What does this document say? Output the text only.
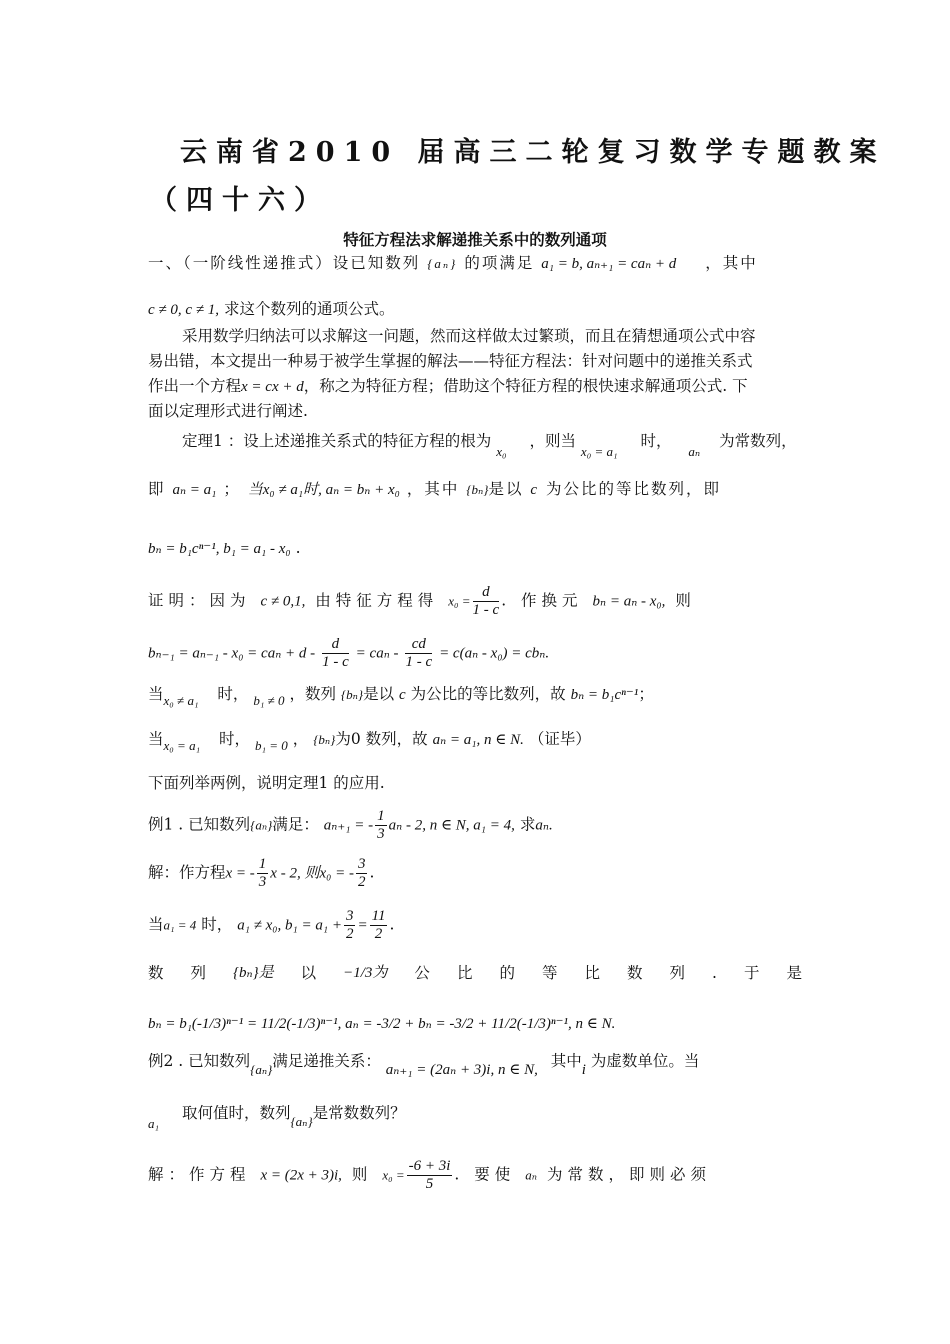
云南省2010 届高三二轮复习数学专题教案
（四十六）
特征方程法求解递推关系中的数列通项
一、（一阶线性递推式）设已知数列 {aₙ} 的项满足 a₁ = b, aₙ₊₁ = caₙ + d ，其中
c ≠ 0, c ≠ 1, 求这个数列的通项公式。
采用数学归纳法可以求解这一问题，然而这样做太过繁琐，而且在猜想通项公式中容
易出错，本文提出一种易于被学生掌握的解法——特征方程法：针对问题中的递推关系式
作出一个方程x = cx + d，称之为特征方程；借助这个特征方程的根快速求解通项公式. 下
面以定理形式进行阐述.
定理1 ：设上述递推关系式的特征方程的根为 $_{x_0}$ ，则当 $_{x_0 = a_1}$ 时， $_{a_n}$ 为常数列，
即 aₙ = a₁ ； 当x₀ ≠ a₁时, aₙ = bₙ + x₀ ，其中 {bₙ}是以 c 为公比的等比数列，即
bₙ = b₁cⁿ⁻¹, b₁ = a₁ - x₀ .
证明：因为 c ≠ 0,1, 由特征方程得 $x_0 = \frac{d}{1 - c}$ . 作换元 bₙ = aₙ - x₀, 则
$b_{n-1} = a_{n-1} - x_0 = ca_n + d - \frac{d}{1 - c} = ca_n - \frac{cd}{1 - c} = c(a_n - x_0) = cb_n$.
当$_{x_0 \ne a_1}$ 时， $_{b_1 \ne 0}$ ，数列 {bₙ}是以 c 为公比的等比数列，故 bₙ = b₁cⁿ⁻¹；
当$_{x_0 = a_1}$ 时， $_{b_1 = 0}$ ， {bₙ}为0 数列，故 aₙ = a₁, n ∈ N. （证毕）
下面列举两例，说明定理1 的应用.
例1 . 已知数列{aₙ}满足： aₙ₊₁ = - $\frac{1}{3}$ aₙ - 2, n ∈ N, a₁ = 4, 求aₙ.
解：作方程x = - $\frac{1}{3}$ x - 2, 则x₀ = - $\frac{3}{2}$ .
当a₁ = 4 时， a₁ ≠ x₀, $b_1 = a_1 + \frac{3}{2} = \frac{11}{2}$ .
数 列 {bₙ}是 以 −1/3为 公 比 的 等 比 数 列 . 于 是
bₙ = b₁(-1/3)ⁿ⁻¹ = 11/2(-1/3)ⁿ⁻¹, aₙ = -3/2 + bₙ = -3/2 + 11/2(-1/3)ⁿ⁻¹, n ∈ N.
例2 . 已知数列$_{\{a_n\}}$满足递推关系： aₙ₊₁ = (2aₙ + 3)i, n ∈ N, 其中i 为虚数单位。当
$_{a_1}$ 取何值时，数列$_{\{a_n\}}$是常数数列？
解：作方程 x = (2x + 3)i, 则 $x_0 = \frac{-6 + 3i}{5}$ . 要使 aₙ 为常数，即则必须
